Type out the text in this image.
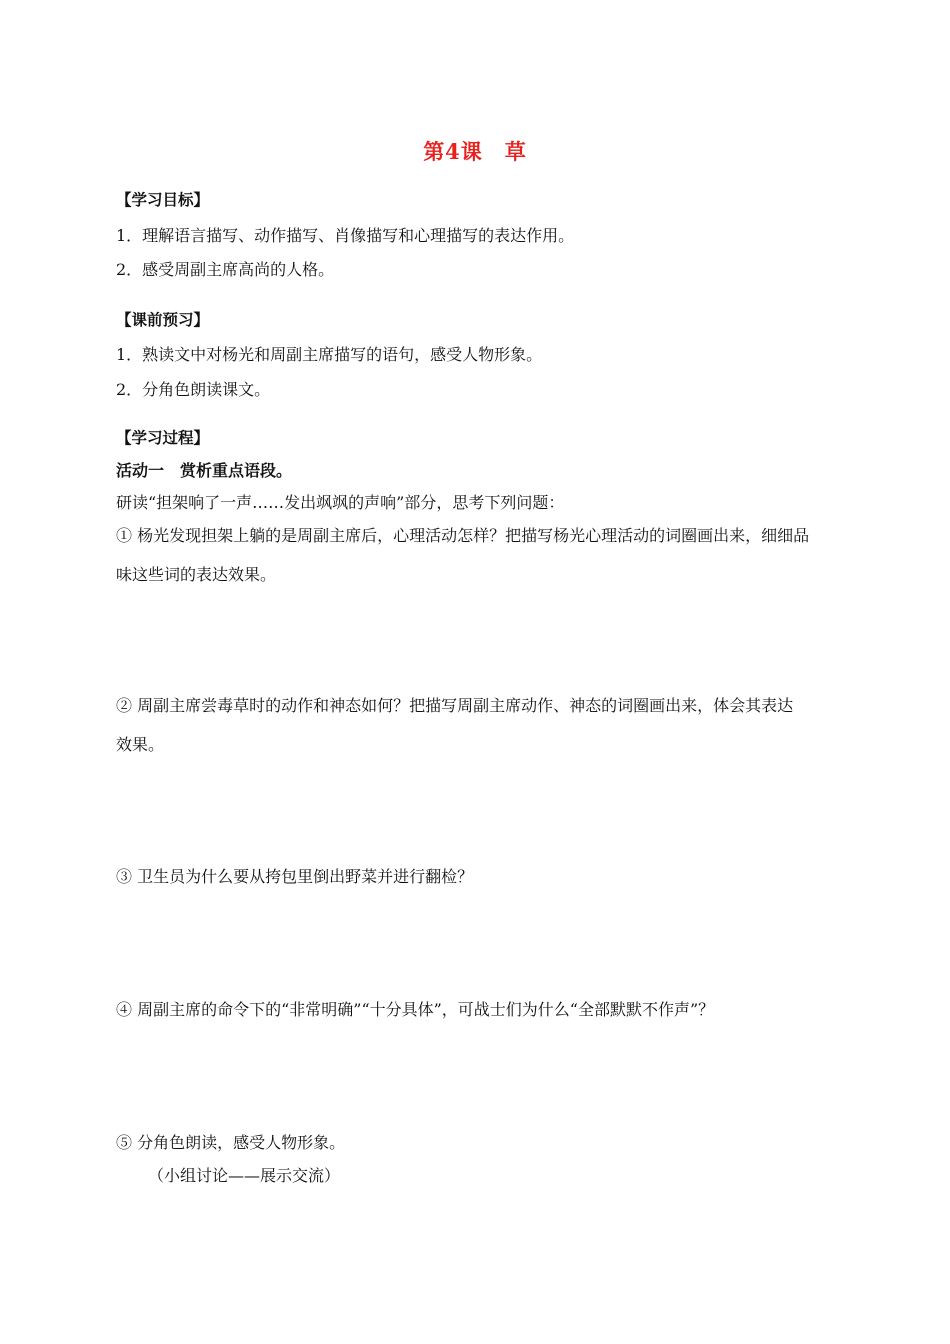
第4课　草
【学习目标】
1．理解语言描写、动作描写、肖像描写和心理描写的表达作用。
2．感受周副主席高尚的人格。
【课前预习】
1．熟读文中对杨光和周副主席描写的语句，感受人物形象。
2．分角色朗读课文。
【学习过程】
活动一　赏析重点语段。
研读“担架响了一声……发出飒飒的声响”部分，思考下列问题：
① 杨光发现担架上躺的是周副主席后，心理活动怎样？把描写杨光心理活动的词圈画出来，细细品
味这些词的表达效果。
② 周副主席尝毒草时的动作和神态如何？把描写周副主席动作、神态的词圈画出来，体会其表达
效果。
③ 卫生员为什么要从挎包里倒出野菜并进行翻检？
④ 周副主席的命令下的“非常明确”“十分具体”，可战士们为什么“全部默默不作声”？
⑤ 分角色朗读，感受人物形象。
（小组讨论——展示交流）
